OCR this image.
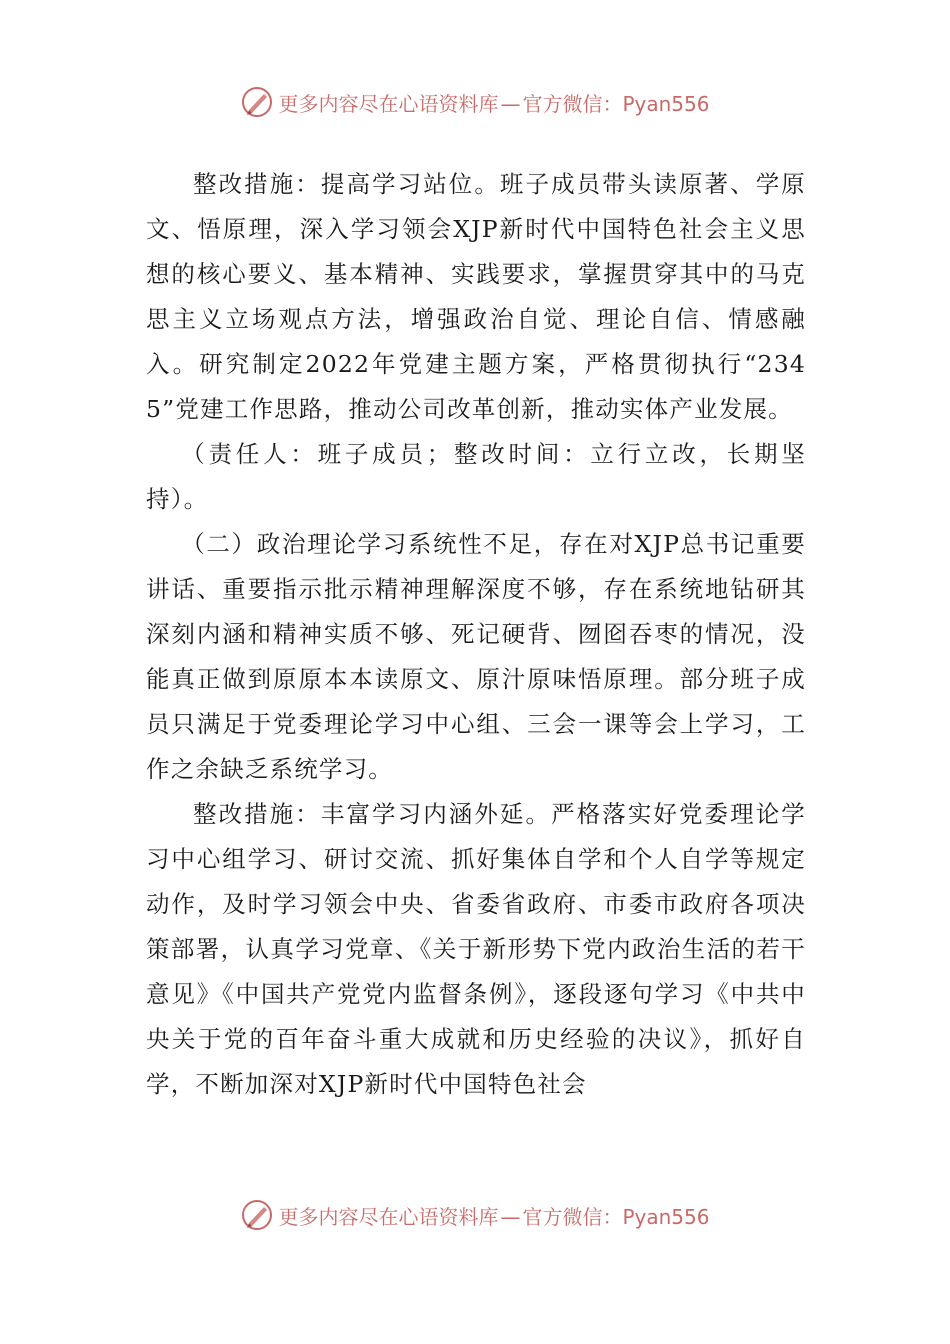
更多内容尽在心语资料库 — 官方微信：Pyan556

整改措施：提高学习站位。班子成员带头读原著、学原文、悟原理，深入学习领会XJP新时代中国特色社会主义思想的核心要义、基本精神、实践要求，掌握贯穿其中的马克思主义立场观点方法，增强政治自觉、理论自信、情感融入。研究制定2022年党建主题方案，严格贯彻执行“2345”党建工作思路，推动公司改革创新，推动实体产业发展。

（责任人：班子成员；整改时间：立行立改，长期坚持）。

（二）政治理论学习系统性不足，存在对XJP总书记重要讲话、重要指示批示精神理解深度不够，存在系统地钻研其深刻内涵和精神实质不够、死记硬背、囫囵吞枣的情况，没能真正做到原原本本读原文、原汁原味悟原理。部分班子成员只满足于党委理论学习中心组、三会一课等会上学习，工作之余缺乏系统学习。

整改措施：丰富学习内涵外延。严格落实好党委理论学习中心组学习、研讨交流、抓好集体自学和个人自学等规定动作，及时学习领会中央、省委省政府、市委市政府各项决策部署，认真学习党章、《关于新形势下党内政治生活的若干意见》《中国共产党党内监督条例》，逐段逐句学习《中共中央关于党的百年奋斗重大成就和历史经验的决议》，抓好自学，不断加深对XJP新时代中国特色社会

更多内容尽在心语资料库 — 官方微信：Pyan556
